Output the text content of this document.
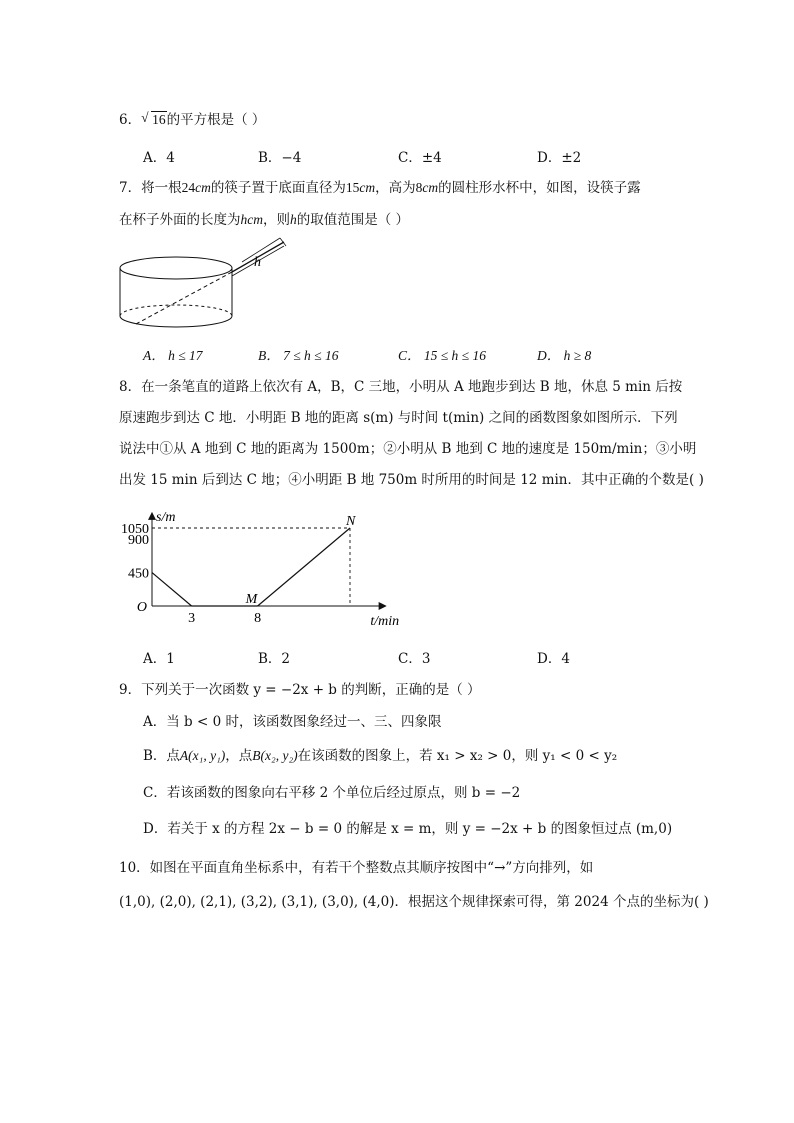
6．√ 16的平方根是（ ）
A．4	B．−4	C．±4	D．±2
7．将一根24cm的筷子置于底面直径为15cm，高为8cm的圆柱形水杯中，如图，设筷子露
在杯子外面的长度为hcm，则h的取值范围是（ ）
h
A． h ≤ 17	B． 7 ≤ h ≤ 16	C． 15 ≤ h ≤ 16	D． h ≥ 8
8．在一条笔直的道路上依次有 A，B，C 三地，小明从 A 地跑步到达 B 地，休息 5 min 后按
原速跑步到达 C 地．小明距 B 地的距离 s(m) 与时间 t(min) 之间的函数图象如图所示．下列
说法中①从 A 地到 C 地的距离为 1500m；②小明从 B 地到 C 地的速度是 150m/min；③小明
出发 15 min 后到达 C 地；④小明距 B 地 750m 时所用的时间是 12 min．其中正确的个数是( )
1050
900
450
3	8
O
s/m
t/min
M
N
A．1	B．2	C．3	D．4
9．下列关于一次函数 y = −2x + b 的判断，正确的是（ ）
A．当 b < 0 时，该函数图象经过一、三、四象限
B．点A(x₁, y₁)，点B(x₂, y₂)在该函数的图象上，若 x₁ > x₂ > 0，则 y₁ < 0 < y₂
C．若该函数的图象向右平移 2 个单位后经过原点，则 b = −2
D．若关于 x 的方程 2x − b = 0 的解是 x = m，则 y = −2x + b 的图象恒过点 (m,0)
10．如图在平面直角坐标系中，有若干个整数点其顺序按图中“→”方向排列，如
(1,0), (2,0), (2,1), (3,2), (3,1), (3,0), (4,0)．根据这个规律探索可得，第 2024 个点的坐标为( )
